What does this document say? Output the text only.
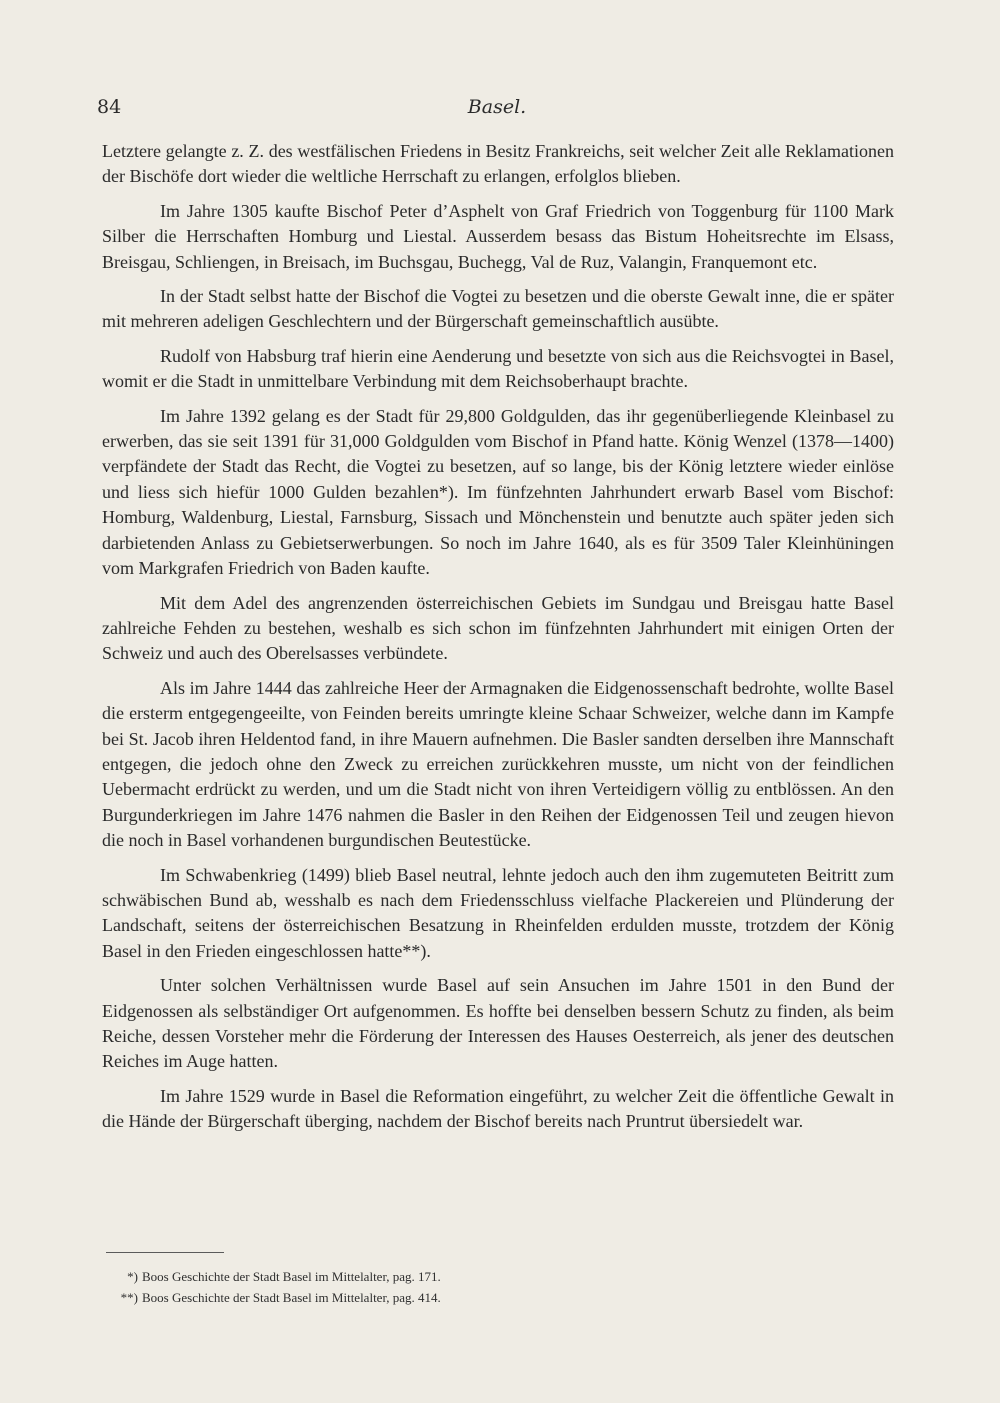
84	Basel.

Letztere gelangte z. Z. des westfälischen Friedens in Besitz Frankreichs, seit welcher Zeit alle Reklamationen der Bischöfe dort wieder die weltliche Herrschaft zu erlangen, erfolglos blieben.

Im Jahre 1305 kaufte Bischof Peter d’Asphelt von Graf Friedrich von Toggenburg für 1100 Mark Silber die Herrschaften Homburg und Liestal. Ausserdem besass das Bistum Hoheitsrechte im Elsass, Breisgau, Schliengen, in Breisach, im Buchsgau, Buchegg, Val de Ruz, Valangin, Franquemont etc.

In der Stadt selbst hatte der Bischof die Vogtei zu besetzen und die oberste Gewalt inne, die er später mit mehreren adeligen Geschlechtern und der Bürgerschaft gemeinschaftlich ausübte.

Rudolf von Habsburg traf hierin eine Aenderung und besetzte von sich aus die Reichsvogtei in Basel, womit er die Stadt in unmittelbare Verbindung mit dem Reichsoberhaupt brachte.

Im Jahre 1392 gelang es der Stadt für 29,800 Goldgulden, das ihr gegenüberliegende Kleinbasel zu erwerben, das sie seit 1391 für 31,000 Goldgulden vom Bischof in Pfand hatte. König Wenzel (1378—1400) verpfändete der Stadt das Recht, die Vogtei zu besetzen, auf so lange, bis der König letztere wieder einlöse und liess sich hiefür 1000 Gulden bezahlen*). Im fünfzehnten Jahrhundert erwarb Basel vom Bischof: Homburg, Waldenburg, Liestal, Farnsburg, Sissach und Mönchenstein und benutzte auch später jeden sich darbietenden Anlass zu Gebietserwerbungen. So noch im Jahre 1640, als es für 3509 Taler Kleinhüningen vom Markgrafen Friedrich von Baden kaufte.

Mit dem Adel des angrenzenden österreichischen Gebiets im Sundgau und Breisgau hatte Basel zahlreiche Fehden zu bestehen, weshalb es sich schon im fünfzehnten Jahrhundert mit einigen Orten der Schweiz und auch des Oberelsasses verbündete.

Als im Jahre 1444 das zahlreiche Heer der Armagnaken die Eidgenossenschaft bedrohte, wollte Basel die ersterm entgegengeeilte, von Feinden bereits umringte kleine Schaar Schweizer, welche dann im Kampfe bei St. Jacob ihren Heldentod fand, in ihre Mauern aufnehmen. Die Basler sandten derselben ihre Mannschaft entgegen, die jedoch ohne den Zweck zu erreichen zurückkehren musste, um nicht von der feindlichen Uebermacht erdrückt zu werden, und um die Stadt nicht von ihren Verteidigern völlig zu entblössen. An den Burgunderkriegen im Jahre 1476 nahmen die Basler in den Reihen der Eidgenossen Teil und zeugen hievon die noch in Basel vorhandenen burgundischen Beutestücke.

Im Schwabenkrieg (1499) blieb Basel neutral, lehnte jedoch auch den ihm zugemuteten Beitritt zum schwäbischen Bund ab, wesshalb es nach dem Friedensschluss vielfache Plackereien und Plünderung der Landschaft, seitens der österreichischen Besatzung in Rheinfelden erdulden musste, trotzdem der König Basel in den Frieden eingeschlossen hatte**).

Unter solchen Verhältnissen wurde Basel auf sein Ansuchen im Jahre 1501 in den Bund der Eidgenossen als selbständiger Ort aufgenommen. Es hoffte bei denselben bessern Schutz zu finden, als beim Reiche, dessen Vorsteher mehr die Förderung der Interessen des Hauses Oesterreich, als jener des deutschen Reiches im Auge hatten.

Im Jahre 1529 wurde in Basel die Reformation eingeführt, zu welcher Zeit die öffentliche Gewalt in die Hände der Bürgerschaft überging, nachdem der Bischof bereits nach Pruntrut übersiedelt war.

*) Boos Geschichte der Stadt Basel im Mittelalter, pag. 171.
**) Boos Geschichte der Stadt Basel im Mittelalter, pag. 414.
